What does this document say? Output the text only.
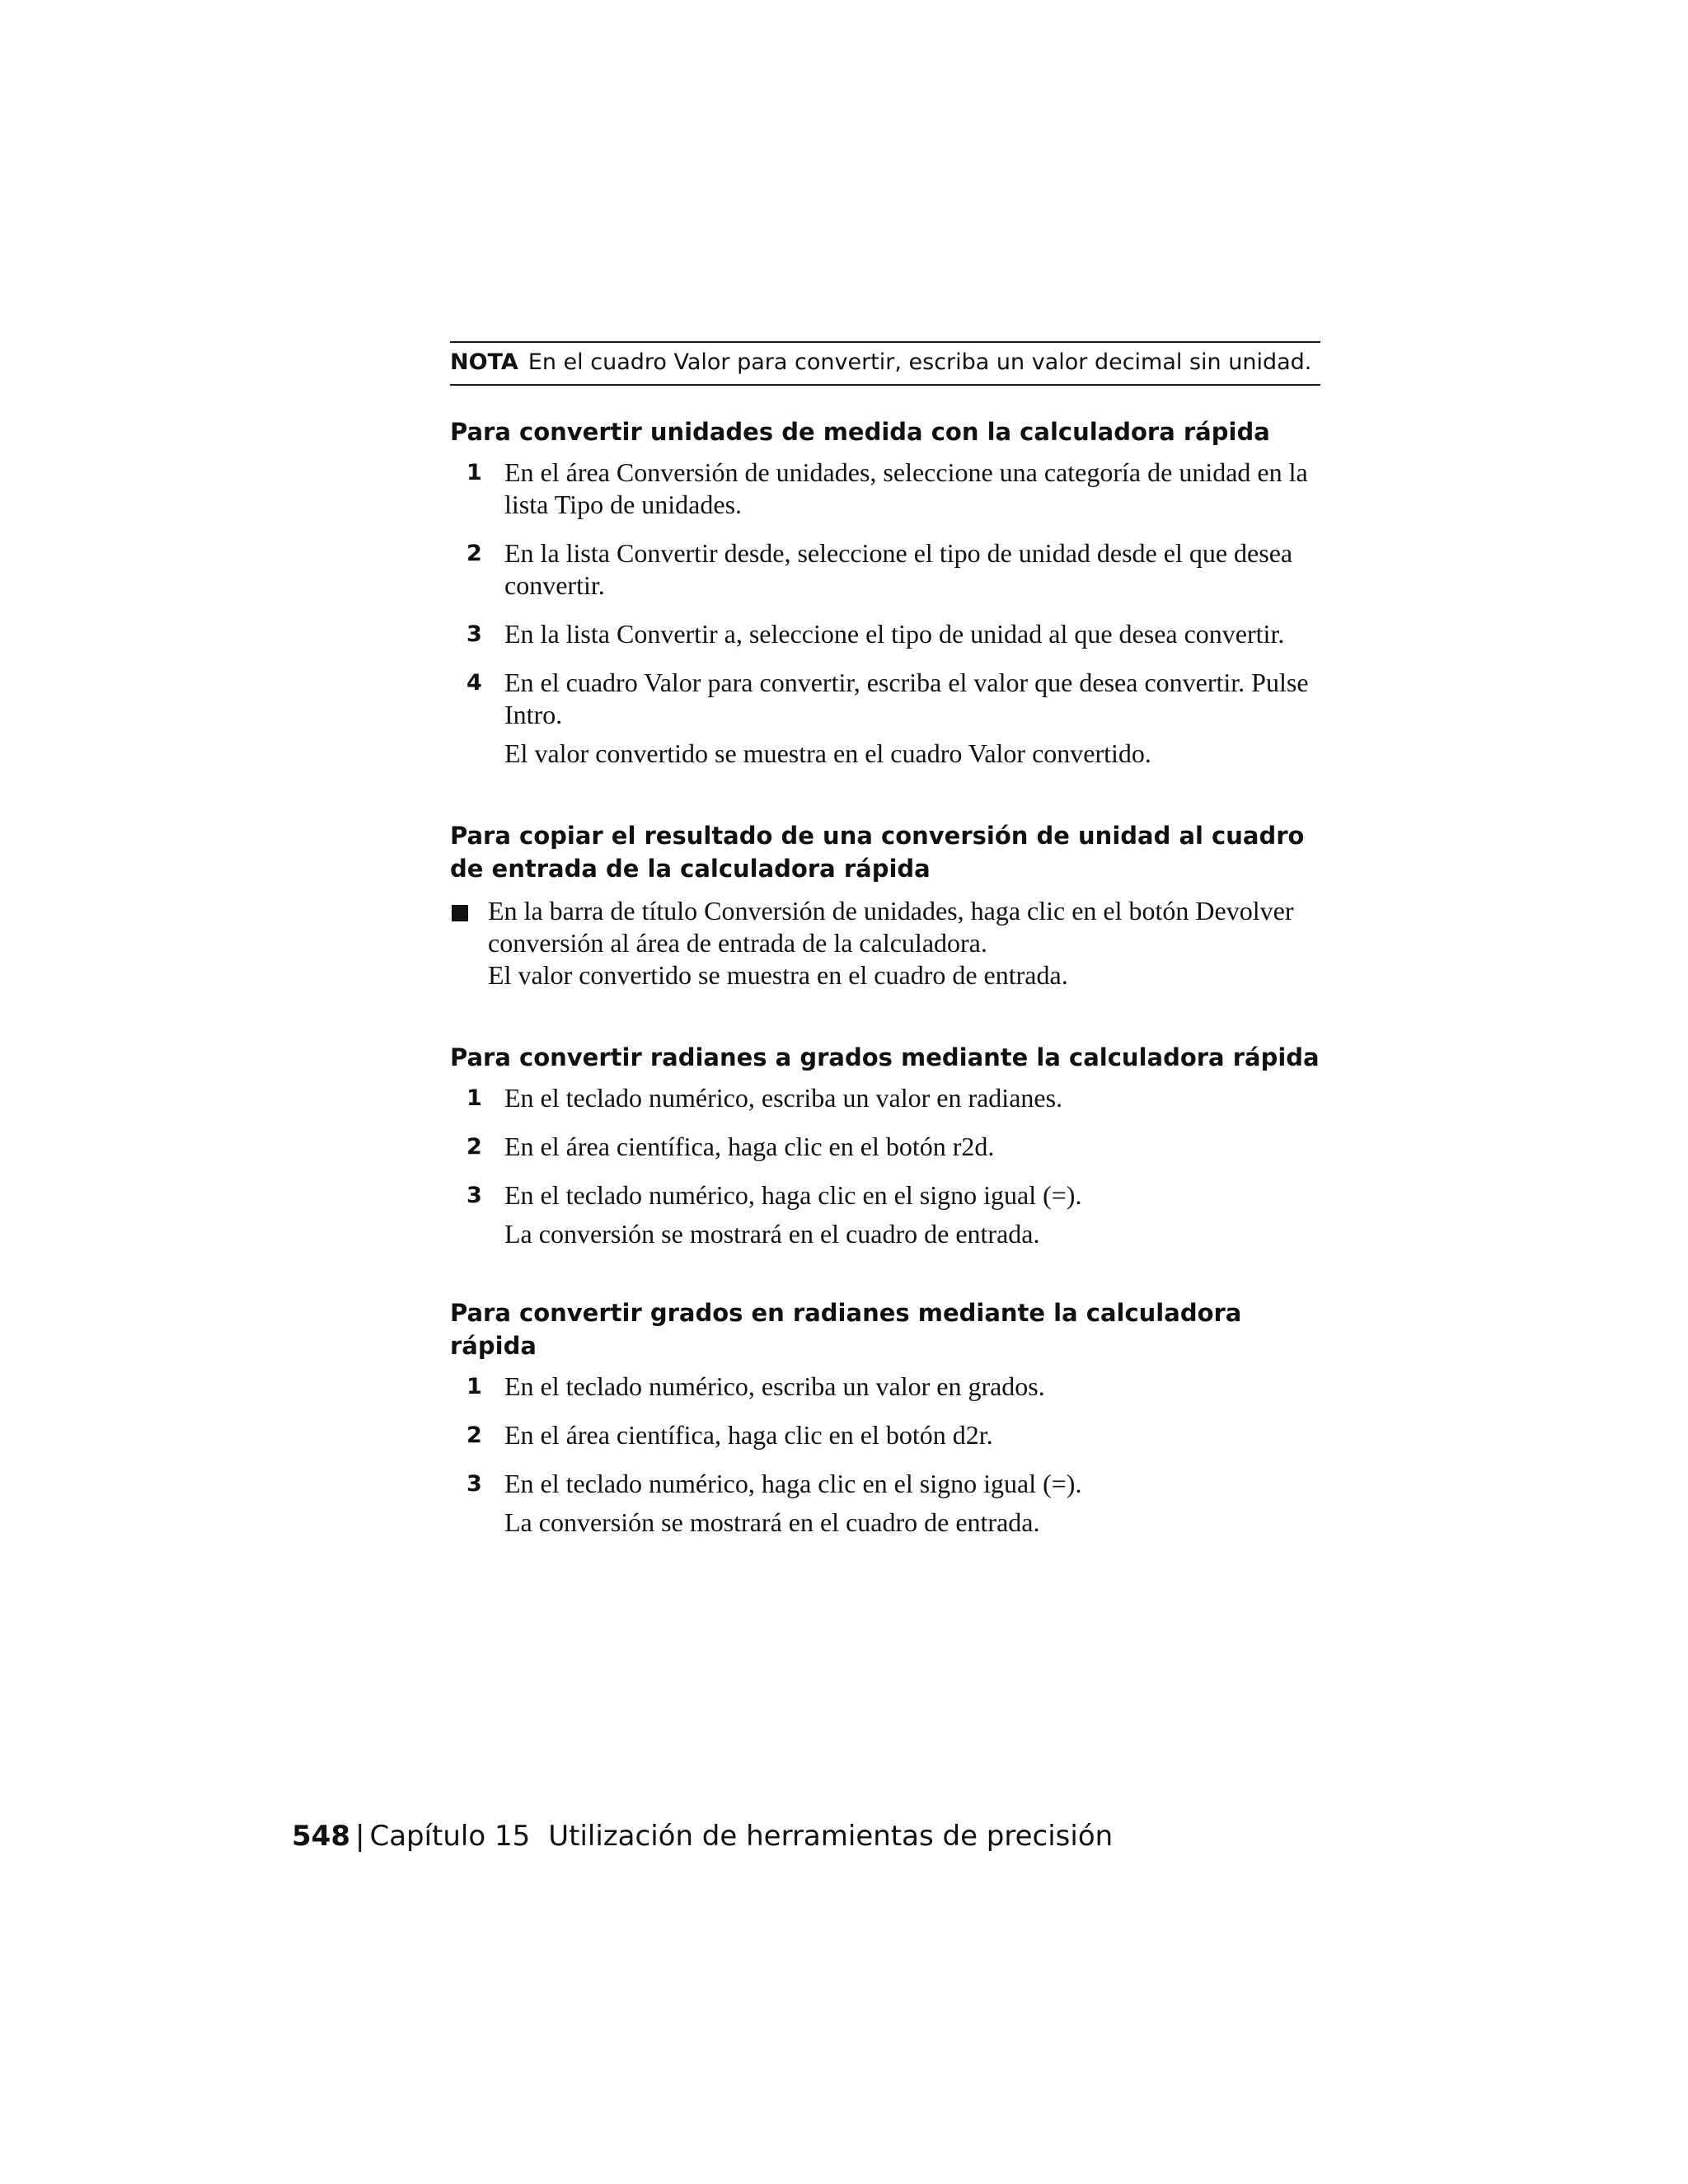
NOTA En el cuadro Valor para convertir, escriba un valor decimal sin unidad.
Para convertir unidades de medida con la calculadora rápida
1 En el área Conversión de unidades, seleccione una categoría de unidad en la lista Tipo de unidades.
2 En la lista Convertir desde, seleccione el tipo de unidad desde el que desea convertir.
3 En la lista Convertir a, seleccione el tipo de unidad al que desea convertir.
4 En el cuadro Valor para convertir, escriba el valor que desea convertir. Pulse Intro.
El valor convertido se muestra en el cuadro Valor convertido.
Para copiar el resultado de una conversión de unidad al cuadro de entrada de la calculadora rápida
En la barra de título Conversión de unidades, haga clic en el botón Devolver conversión al área de entrada de la calculadora.
El valor convertido se muestra en el cuadro de entrada.
Para convertir radianes a grados mediante la calculadora rápida
1 En el teclado numérico, escriba un valor en radianes.
2 En el área científica, haga clic en el botón r2d.
3 En el teclado numérico, haga clic en el signo igual (=).
La conversión se mostrará en el cuadro de entrada.
Para convertir grados en radianes mediante la calculadora rápida
1 En el teclado numérico, escriba un valor en grados.
2 En el área científica, haga clic en el botón d2r.
3 En el teclado numérico, haga clic en el signo igual (=).
La conversión se mostrará en el cuadro de entrada.
548 | Capítulo 15 Utilización de herramientas de precisión
